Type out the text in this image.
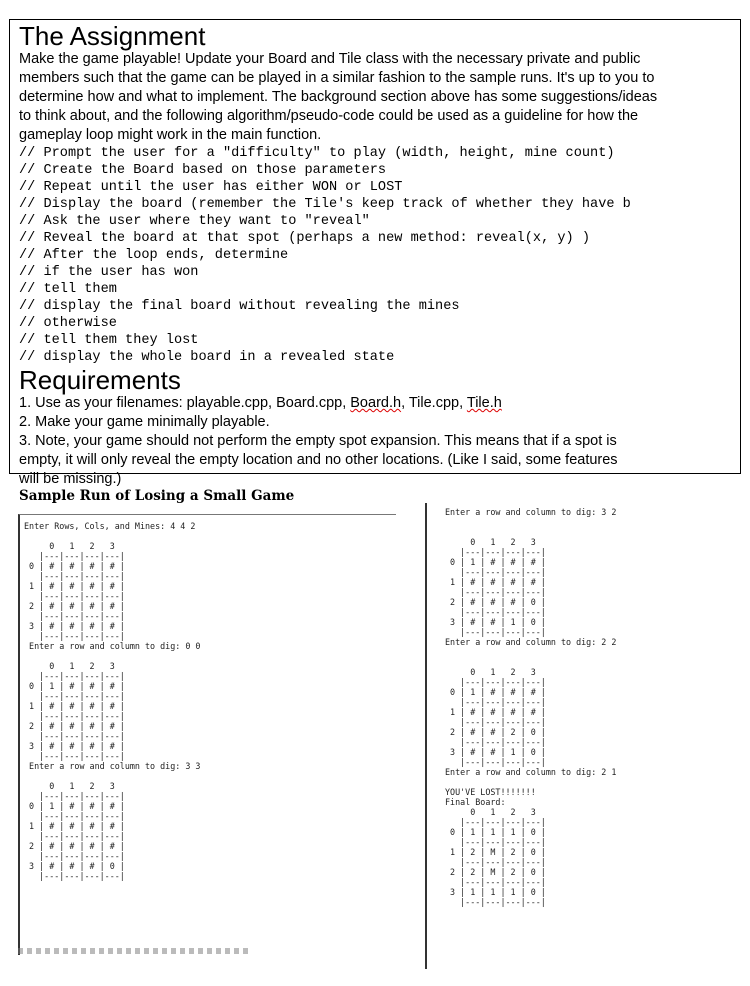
The Assignment

Make the game playable! Update your Board and Tile class with the necessary private and public members such that the game can be played in a similar fashion to the sample runs. It's up to you to determine how and what to implement. The background section above has some suggestions/ideas to think about, and the following algorithm/pseudo-code could be used as a guideline for how the gameplay loop might work in the main function.

// Prompt the user for a "difficulty" to play (width, height, mine count)

// Create the Board based on those parameters

// Repeat until the user has either WON or LOST

// Display the board (remember the Tile's keep track of whether they have b

// Ask the user where they want to "reveal"

// Reveal the board at that spot (perhaps a new method: reveal(x, y) )

// After the loop ends, determine

// if the user has won

// tell them

// display the final board without revealing the mines

// otherwise

// tell them they lost

// display the whole board in a revealed state

Requirements

1. Use as your filenames: playable.cpp, Board.cpp, Board.h, Tile.cpp, Tile.h

2. Make your game minimally playable.

3. Note, your game should not perform the empty spot expansion. This means that if a spot is empty, it will only reveal the empty location and no other locations. (Like I said, some features will be missing.)

Sample Run of Losing a Small Game
Enter Rows, Cols, and Mines: 4 4 2

0   1   2   3
|---|---|---|---|
0 | # | # | # | # |
|---|---|---|---|
1 | # | # | # | # |
|---|---|---|---|
2 | # | # | # | # |
|---|---|---|---|
3 | # | # | # | # |
|---|---|---|---|
Enter a row and column to dig: 0 0

0   1   2   3
|---|---|---|---|
0 | 1 | # | # | # |
|---|---|---|---|
1 | # | # | # | # |
|---|---|---|---|
2 | # | # | # | # |
|---|---|---|---|
3 | # | # | # | # |
|---|---|---|---|
Enter a row and column to dig: 3 3

0   1   2   3
|---|---|---|---|
0 | 1 | # | # | # |
|---|---|---|---|
1 | # | # | # | # |
|---|---|---|---|
2 | # | # | # | # |
|---|---|---|---|
3 | # | # | # | 0 |
|---|---|---|---|
Enter a row and column to dig: 3 2

0   1   2   3
|---|---|---|---|
0 | 1 | # | # | # |
|---|---|---|---|
1 | # | # | # | # |
|---|---|---|---|
2 | # | # | # | 0 |
|---|---|---|---|
3 | # | # | 1 | 0 |
|---|---|---|---|
Enter a row and column to dig: 2 2

0   1   2   3
|---|---|---|---|
0 | 1 | # | # | # |
|---|---|---|---|
1 | # | # | # | # |
|---|---|---|---|
2 | # | # | 2 | 0 |
|---|---|---|---|
3 | # | # | 1 | 0 |
|---|---|---|---|
Enter a row and column to dig: 2 1

YOU'VE LOST!!!!!!!
Final Board:
0   1   2   3
|---|---|---|---|
0 | 1 | 1 | 1 | 0 |
|---|---|---|---|
1 | 2 | M | 2 | 0 |
|---|---|---|---|
2 | 2 | M | 2 | 0 |
|---|---|---|---|
3 | 1 | 1 | 1 | 0 |
|---|---|---|---|
